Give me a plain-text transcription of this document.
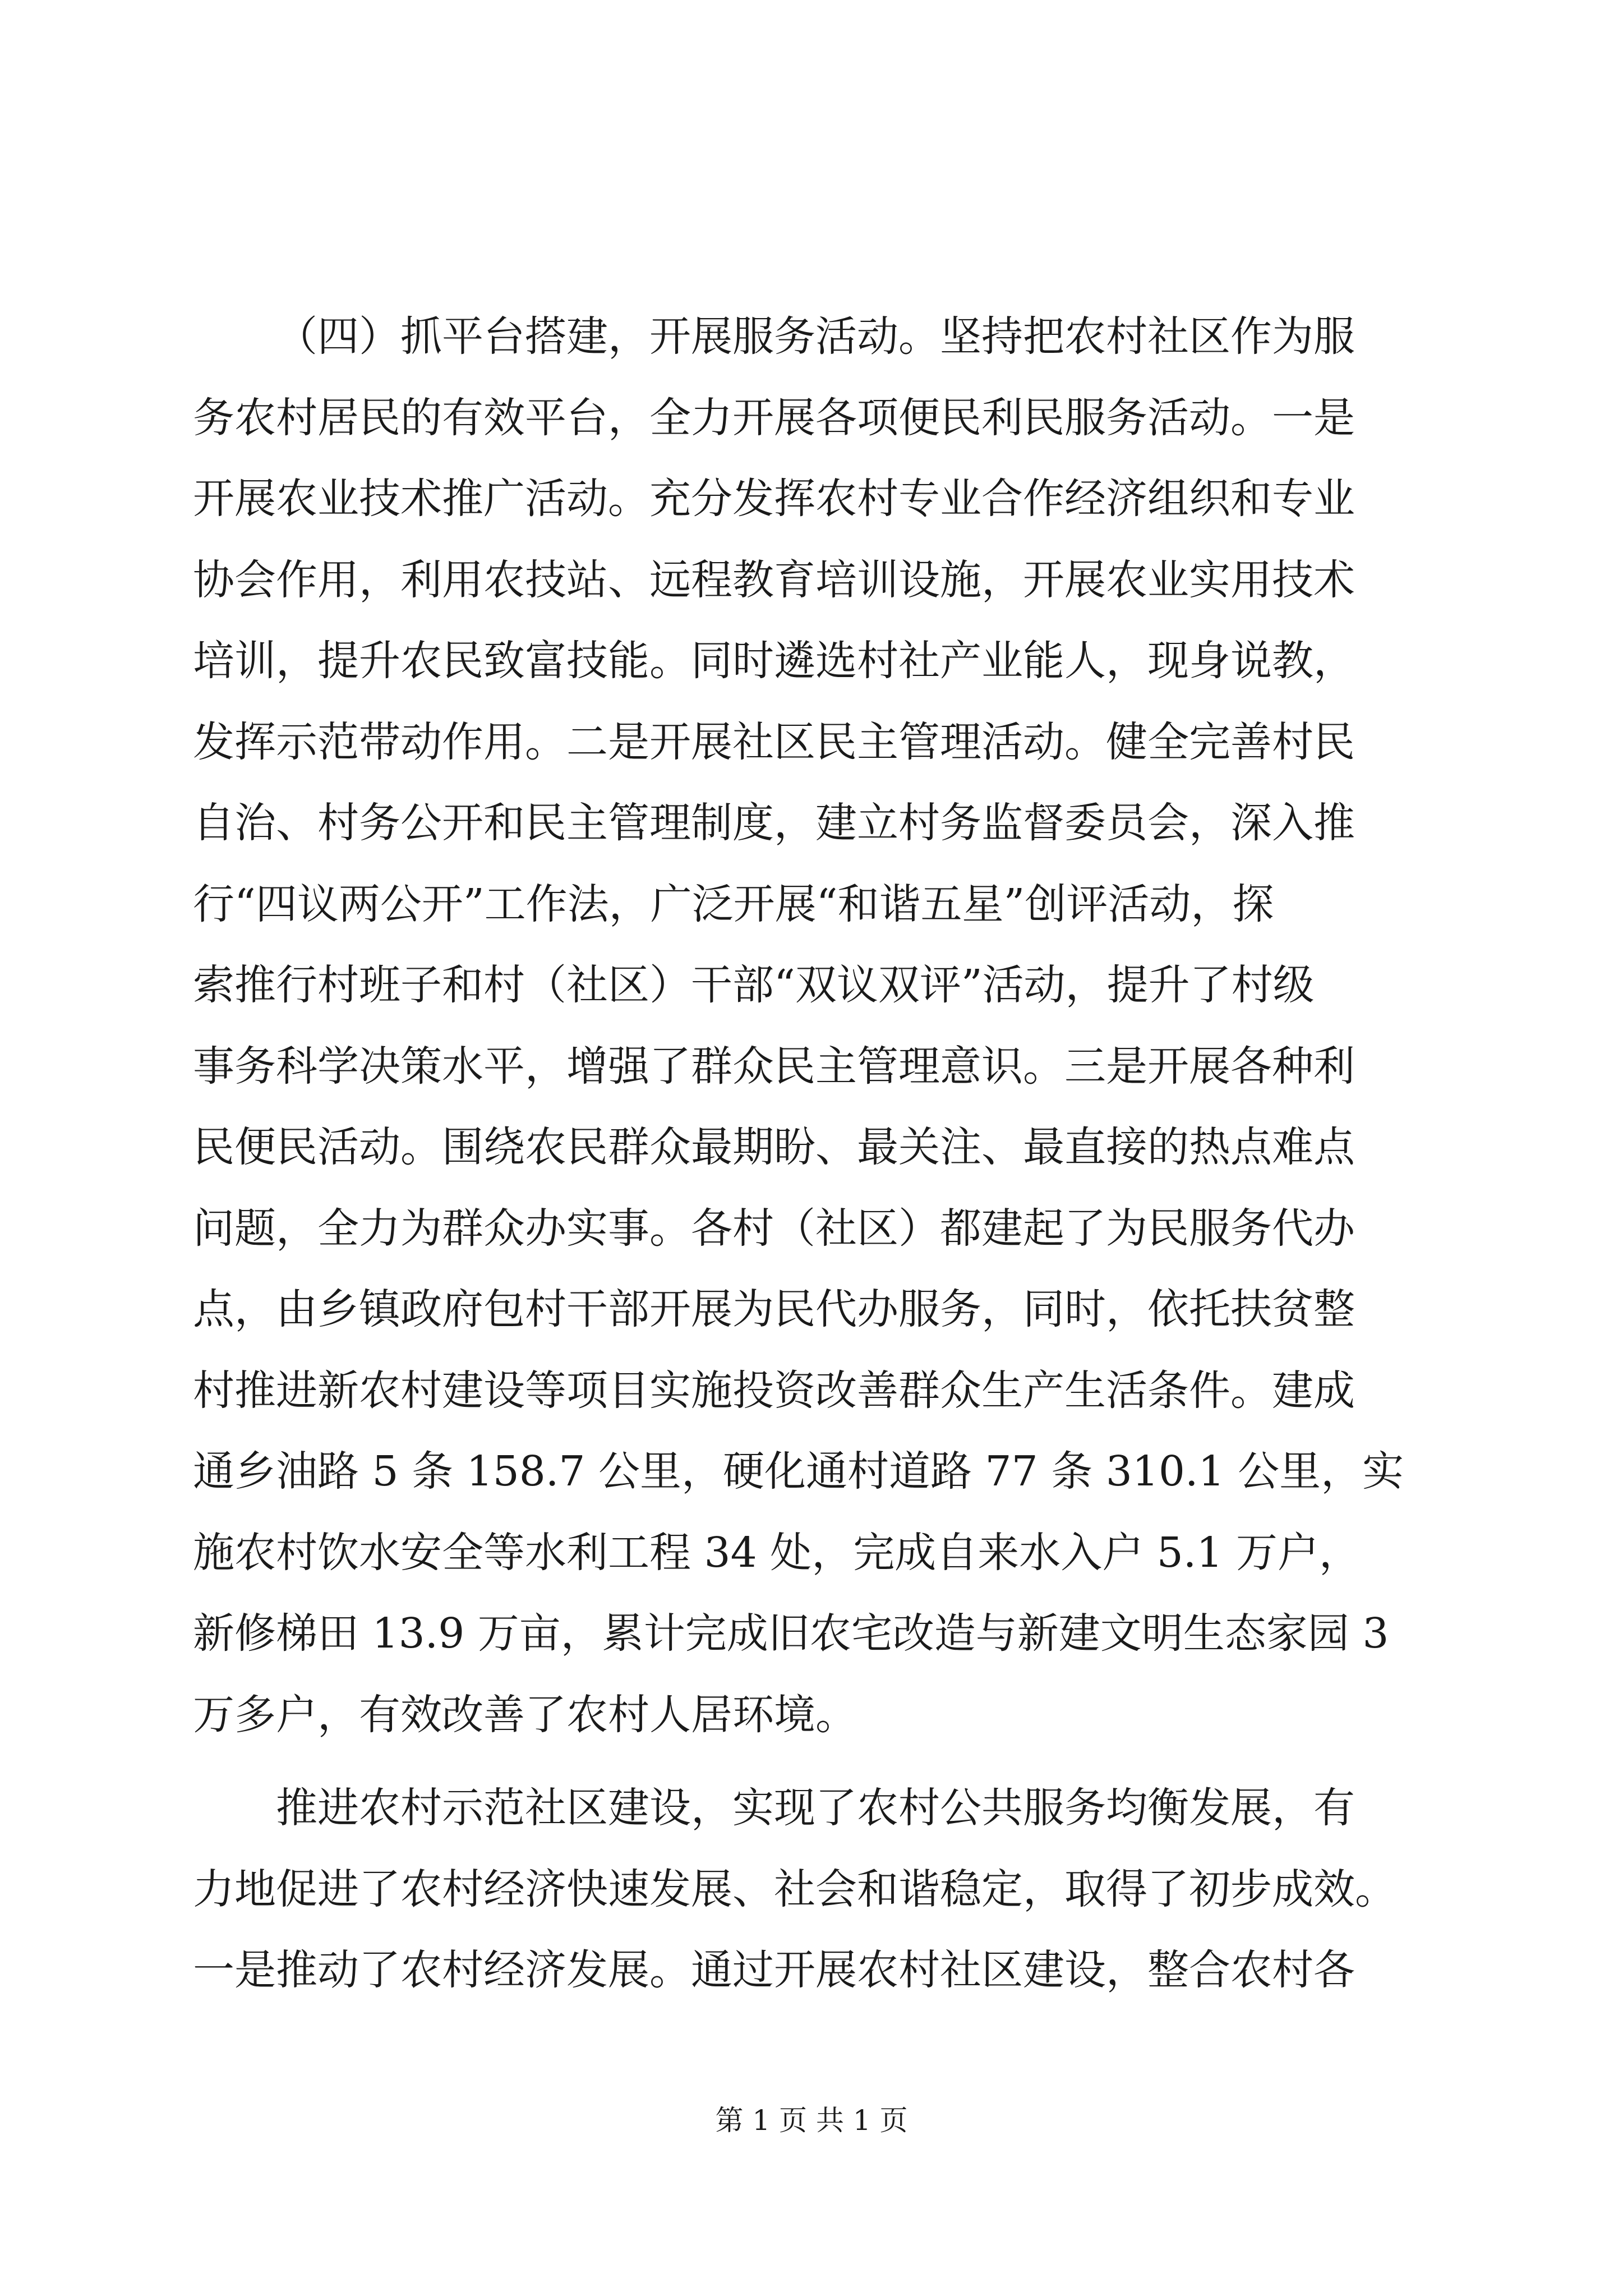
（四）抓平台搭建，开展服务活动。坚持把农村社区作为服
务农村居民的有效平台，全力开展各项便民利民服务活动。一是
开展农业技术推广活动。充分发挥农村专业合作经济组织和专业
协会作用，利用农技站、远程教育培训设施，开展农业实用技术
培训，提升农民致富技能。同时遴选村社产业能人，现身说教，
发挥示范带动作用。二是开展社区民主管理活动。健全完善村民
自治、村务公开和民主管理制度，建立村务监督委员会，深入推
行“四议两公开”工作法，广泛开展“和谐五星”创评活动，探
索推行村班子和村（社区）干部“双议双评”活动，提升了村级
事务科学决策水平，增强了群众民主管理意识。三是开展各种利
民便民活动。围绕农民群众最期盼、最关注、最直接的热点难点
问题，全力为群众办实事。各村（社区）都建起了为民服务代办
点，由乡镇政府包村干部开展为民代办服务，同时，依托扶贫整
村推进新农村建设等项目实施投资改善群众生产生活条件。建成
通乡油路 5 条 158.7 公里，硬化通村道路 77 条 310.1 公里，实
施农村饮水安全等水利工程 34 处，完成自来水入户 5.1 万户，
新修梯田 13.9 万亩，累计完成旧农宅改造与新建文明生态家园 3
万多户，有效改善了农村人居环境。
推进农村示范社区建设，实现了农村公共服务均衡发展，有
力地促进了农村经济快速发展、社会和谐稳定，取得了初步成效。
一是推动了农村经济发展。通过开展农村社区建设，整合农村各
第 1 页 共 1 页
